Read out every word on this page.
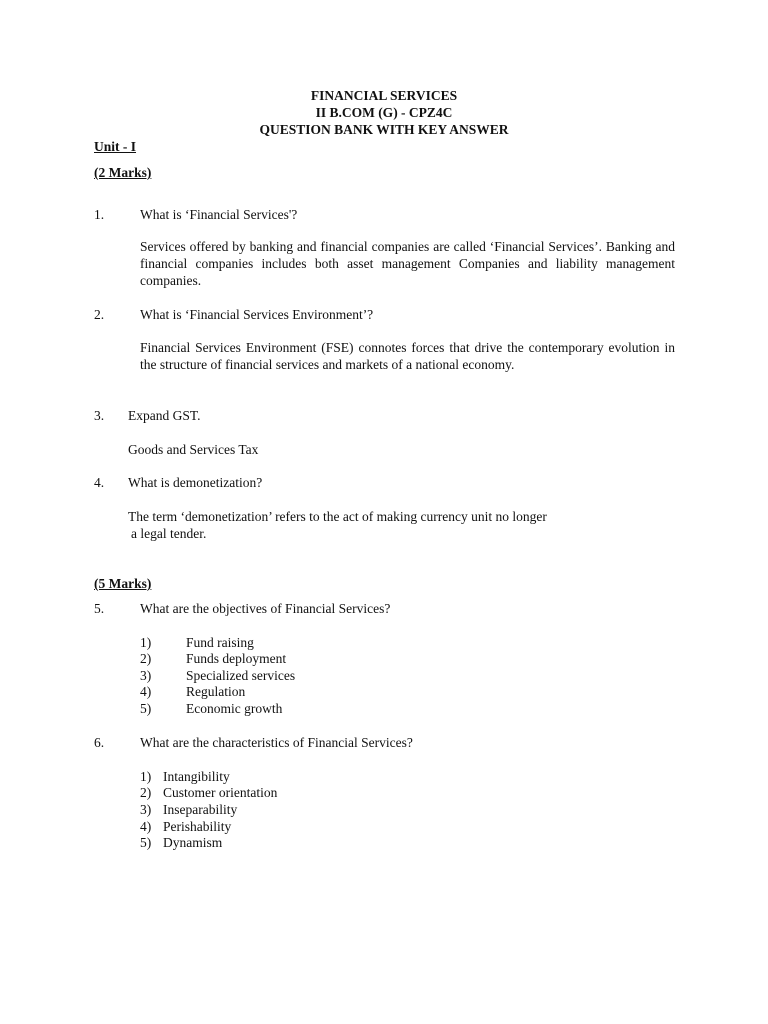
FINANCIAL SERVICES
II B.COM (G) - CPZ4C
QUESTION BANK WITH KEY ANSWER
Unit - I
(2 Marks)
1.	What is ‘Financial Services'?
Services offered by banking and financial companies are called ‘Financial Services’. Banking and financial companies includes both asset management Companies and liability management companies.
2.	What is ‘Financial Services Environment’?
Financial Services Environment (FSE) connotes forces that drive the contemporary evolution in the structure of financial services and markets of a national economy.
3. Expand GST.
Goods and Services Tax
4. What is demonetization?
The term ‘demonetization’ refers to the act of making currency unit no longer
a legal tender.
(5 Marks)
5.	What are the objectives of Financial Services?
1)	Fund raising
2)	Funds deployment
3)	Specialized services
4)	Regulation
5)	Economic growth
6.	What are the characteristics of Financial Services?
1) Intangibility
2) Customer orientation
3) Inseparability
4) Perishability
5) Dynamism
